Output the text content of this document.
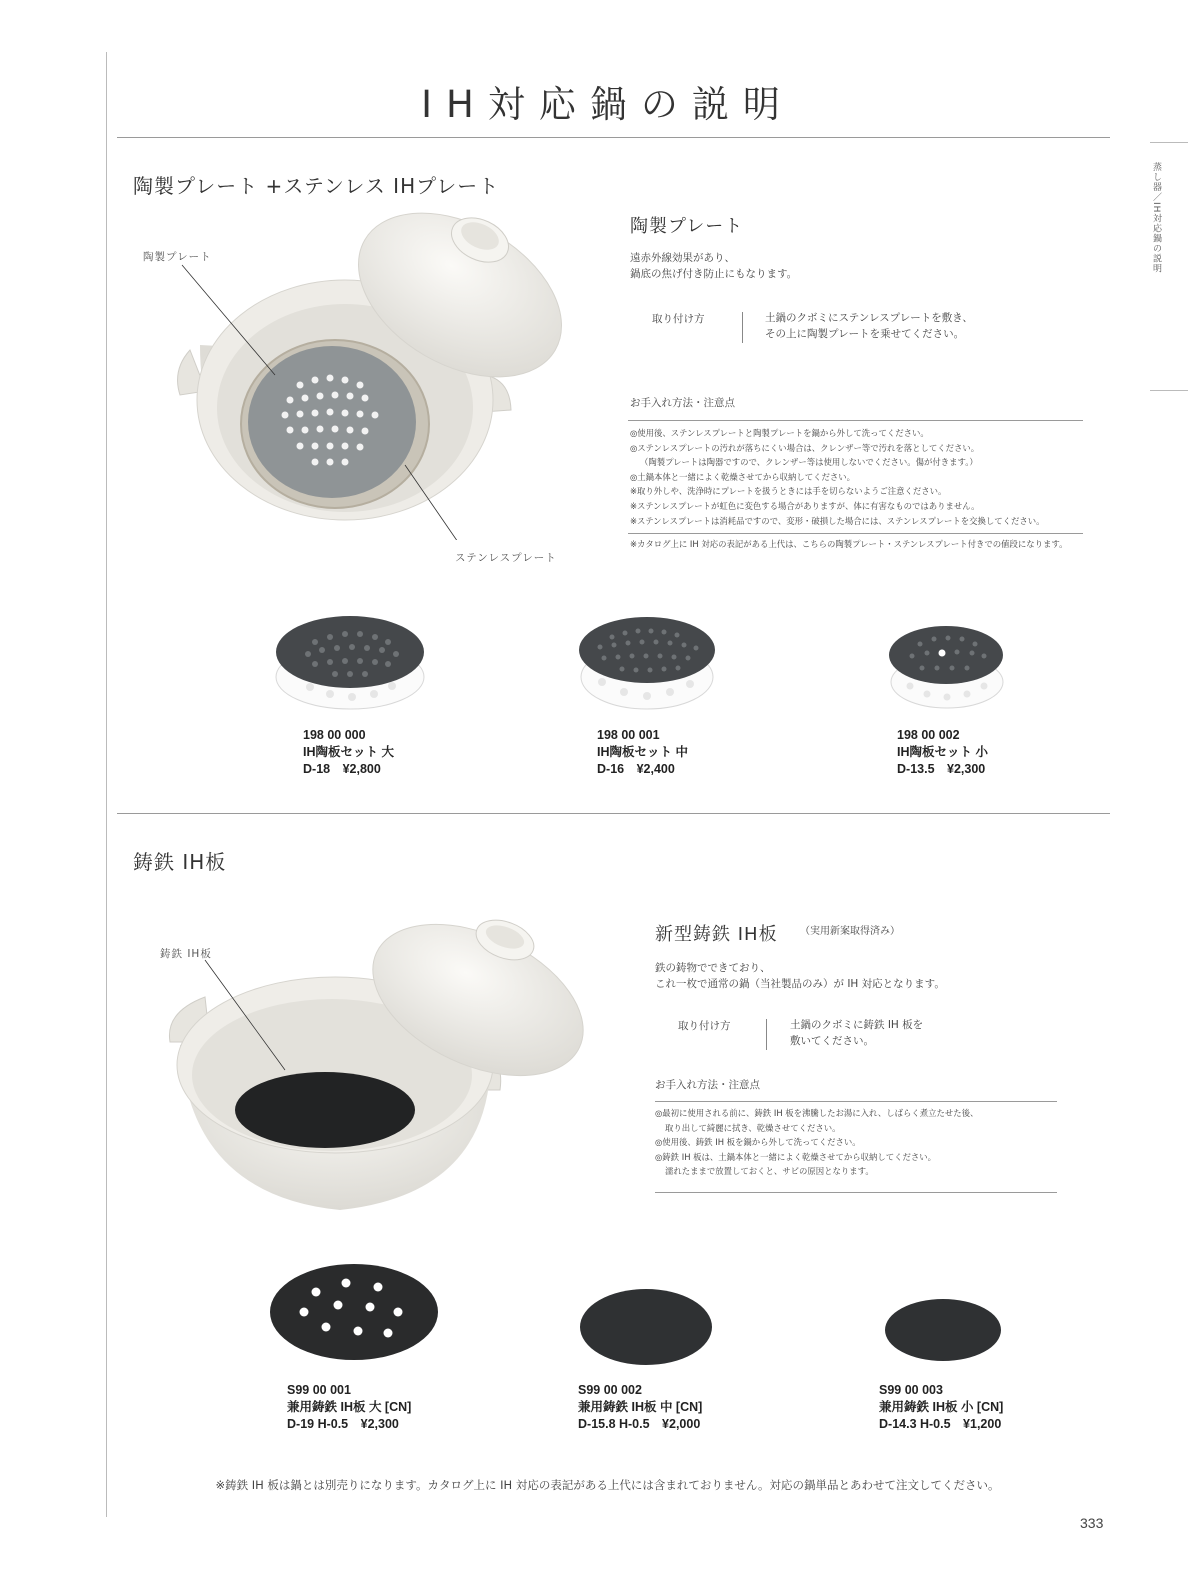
IH対応鍋の説明
蒸し器／IH対応鍋の説明
陶製プレート +ステンレス IHプレート
陶製プレート
ステンレスプレート
陶製プレート
遠赤外線効果があり、
鍋底の焦げ付き防止にもなります。
取り付け方	土鍋のクボミにステンレスプレートを敷き、
その上に陶製プレートを乗せてください。
お手入れ方法・注意点
◎使用後、ステンレスプレートと陶製プレートを鍋から外して洗ってください。
◎ステンレスプレートの汚れが落ちにくい場合は、クレンザー等で汚れを落としてください。
（陶製プレートは陶器ですので、クレンザー等は使用しないでください。傷が付きます。）
◎土鍋本体と一緒によく乾燥させてから収納してください。
※取り外しや、洗浄時にプレートを扱うときには手を切らないようご注意ください。
※ステンレスプレートが虹色に変色する場合がありますが、体に有害なものではありません。
※ステンレスプレートは消耗品ですので、変形・破損した場合には、ステンレスプレートを交換してください。
※カタログ上に IH 対応の表記がある上代は、こちらの陶製プレート・ステンレスプレート付きでの値段になります。
198 00 000
IH陶板セット 大
D-18　¥2,800
198 00 001
IH陶板セット 中
D-16　¥2,400
198 00 002
IH陶板セット 小
D-13.5　¥2,300
鋳鉄 IH板
鋳鉄 IH板
新型鋳鉄 IH板 （実用新案取得済み）
鉄の鋳物でできており、
これ一枚で通常の鍋（当社製品のみ）が IH 対応となります。
取り付け方	土鍋のクボミに鋳鉄 IH 板を
敷いてください。
お手入れ方法・注意点
◎最初に使用される前に、鋳鉄 IH 板を沸騰したお湯に入れ、しばらく煮立たせた後、
取り出して綺麗に拭き、乾燥させてください。
◎使用後、鋳鉄 IH 板を鍋から外して洗ってください。
◎鋳鉄 IH 板は、土鍋本体と一緒によく乾燥させてから収納してください。
濡れたままで放置しておくと、サビの原因となります。
S99 00 001
兼用鋳鉄 IH板 大 [CN]
D-19 H-0.5　¥2,300
S99 00 002
兼用鋳鉄 IH板 中 [CN]
D-15.8 H-0.5　¥2,000
S99 00 003
兼用鋳鉄 IH板 小 [CN]
D-14.3 H-0.5　¥1,200
※鋳鉄 IH 板は鍋とは別売りになります。カタログ上に IH 対応の表記がある上代には含まれておりません。対応の鍋単品とあわせて注文してください。
333
